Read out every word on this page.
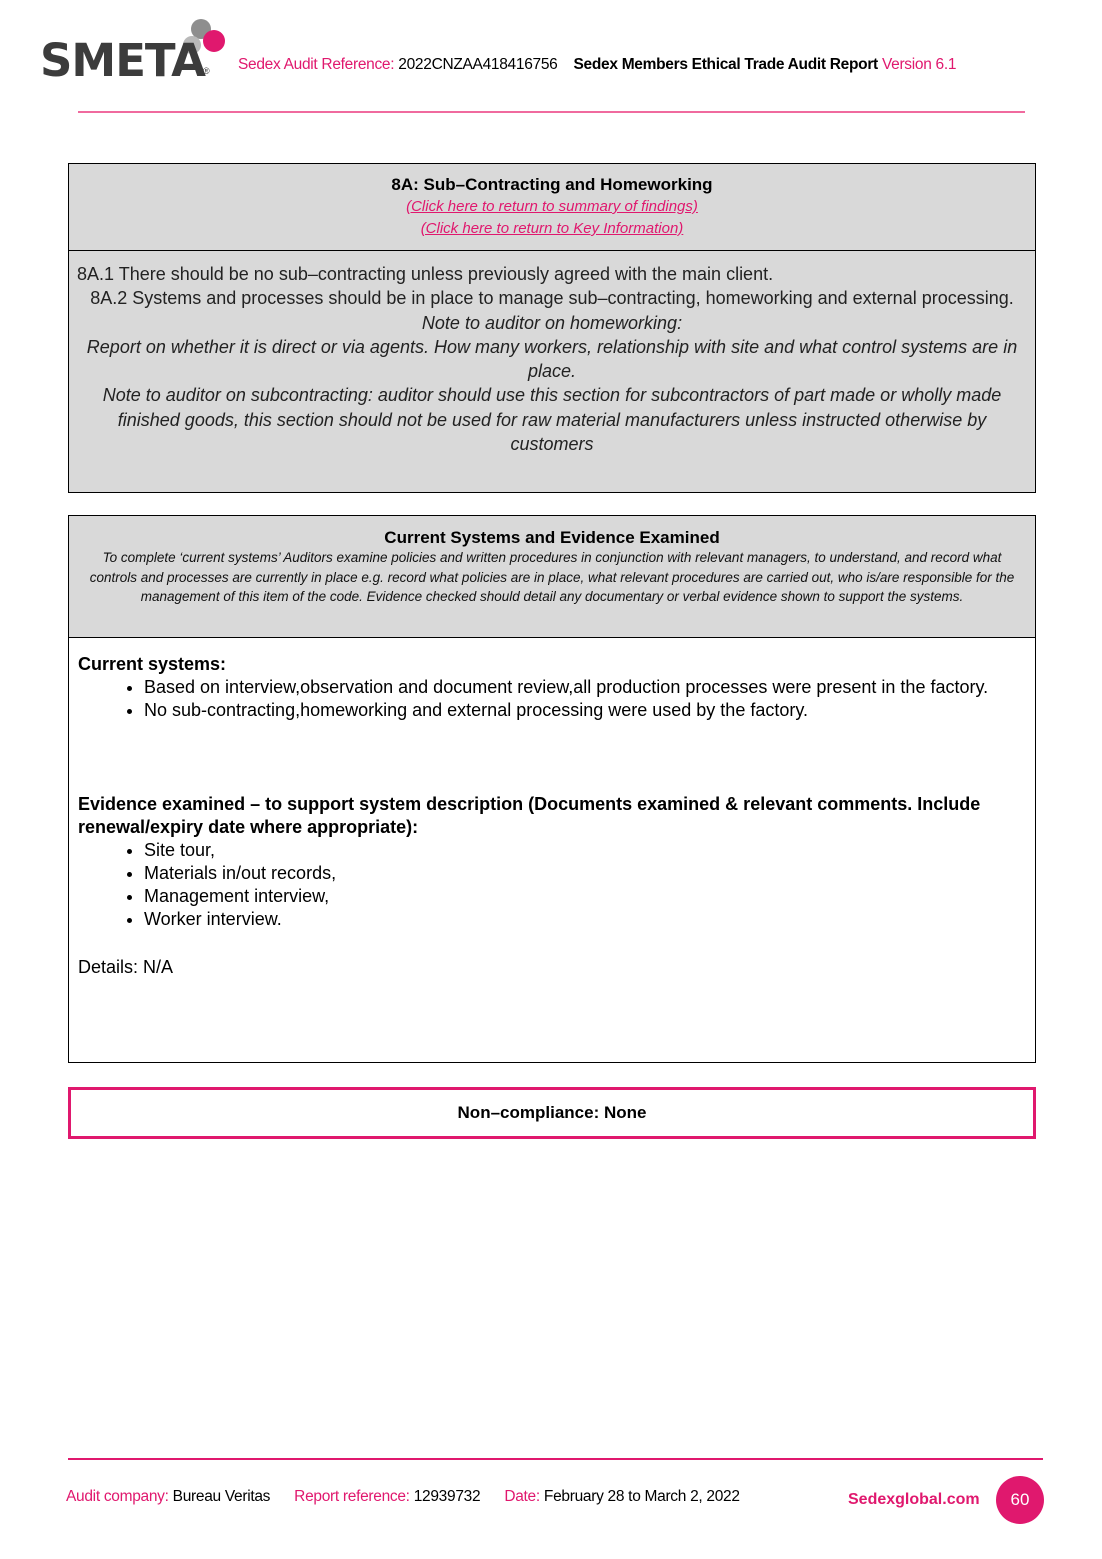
SMETA
® Sedex Audit Reference: 2022CNZAA418416756 Sedex Members Ethical Trade Audit Report Version 6.1
8A: Sub–Contracting and Homeworking
(Click here to return to summary of findings)
(Click here to return to Key Information)
8A.1 There should be no sub–contracting unless previously agreed with the main client.
8A.2 Systems and processes should be in place to manage sub–contracting, homeworking and external processing.
Note to auditor on homeworking:
Report on whether it is direct or via agents. How many workers, relationship with site and what control systems are in place.
Note to auditor on subcontracting: auditor should use this section for subcontractors of part made or wholly made finished goods, this section should not be used for raw material manufacturers unless instructed otherwise by customers
Current Systems and Evidence Examined
To complete ‘current systems’ Auditors examine policies and written procedures in conjunction with relevant managers, to understand, and record what controls and processes are currently in place e.g. record what policies are in place, what relevant procedures are carried out, who is/are responsible for the management of this item of the code. Evidence checked should detail any documentary or verbal evidence shown to support the systems.
Current systems:
• Based on interview,observation and document review,all production processes were present in the factory.
• No sub-contracting,homeworking and external processing were used by the factory.
Evidence examined – to support system description (Documents examined & relevant comments. Include renewal/expiry date where appropriate):
• Site tour,
• Materials in/out records,
• Management interview,
• Worker interview.
Details: N/A
Non–compliance: None
Audit company: Bureau Veritas Report reference: 12939732 Date: February 28 to March 2, 2022	Sedexglobal.com	60
